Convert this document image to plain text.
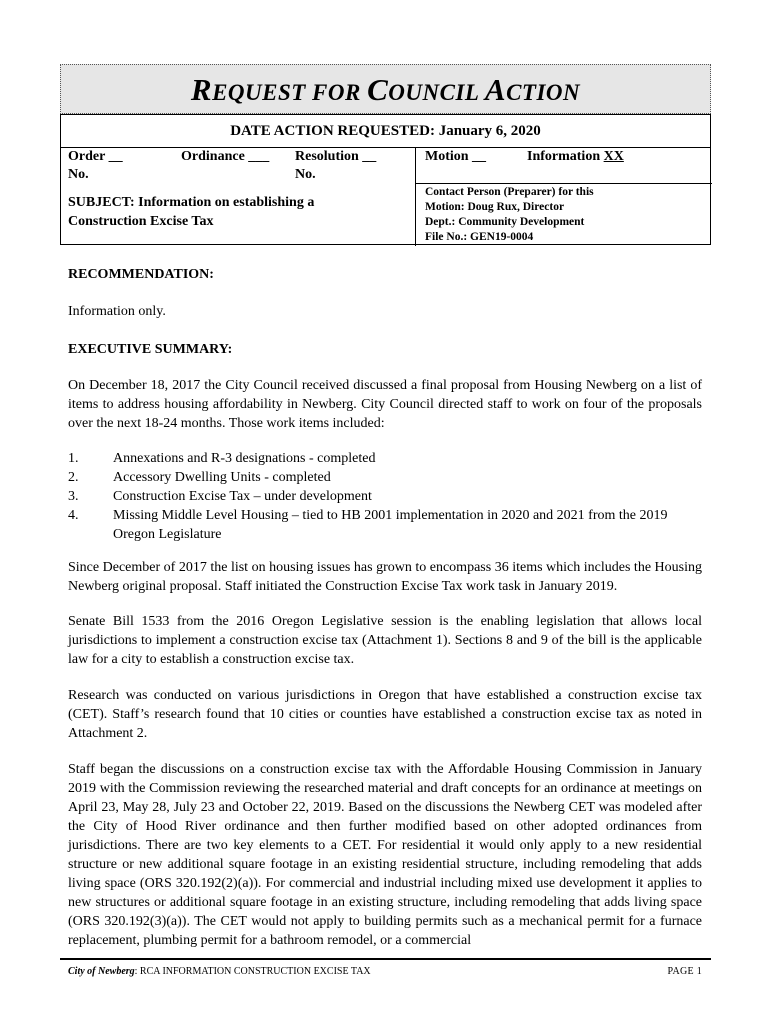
REQUEST FOR COUNCIL ACTION
DATE ACTION REQUESTED: January 6, 2020
Order __ No.
Ordinance ___ Resolution __ No.
Motion __	Information XX
SUBJECT: Information on establishing a Construction Excise Tax
Contact Person (Preparer) for this
Motion: Doug Rux, Director
Dept.: Community Development
File No.: GEN19-0004
RECOMMENDATION:
Information only.
EXECUTIVE SUMMARY:
On December 18, 2017 the City Council received discussed a final proposal from Housing Newberg on a list of items to address housing affordability in Newberg. City Council directed staff to work on four of the proposals over the next 18-24 months. Those work items included:
1. Annexations and R-3 designations - completed
2. Accessory Dwelling Units - completed
3. Construction Excise Tax – under development
4. Missing Middle Level Housing – tied to HB 2001 implementation in 2020 and 2021 from the 2019 Oregon Legislature
Since December of 2017 the list on housing issues has grown to encompass 36 items which includes the Housing Newberg original proposal. Staff initiated the Construction Excise Tax work task in January 2019.
Senate Bill 1533 from the 2016 Oregon Legislative session is the enabling legislation that allows local jurisdictions to implement a construction excise tax (Attachment 1). Sections 8 and 9 of the bill is the applicable law for a city to establish a construction excise tax.
Research was conducted on various jurisdictions in Oregon that have established a construction excise tax (CET). Staff’s research found that 10 cities or counties have established a construction excise tax as noted in Attachment 2.
Staff began the discussions on a construction excise tax with the Affordable Housing Commission in January 2019 with the Commission reviewing the researched material and draft concepts for an ordinance at meetings on April 23, May 28, July 23 and October 22, 2019. Based on the discussions the Newberg CET was modeled after the City of Hood River ordinance and then further modified based on other adopted ordinances from jurisdictions. There are two key elements to a CET. For residential it would only apply to a new residential structure or new additional square footage in an existing residential structure, including remodeling that adds living space (ORS 320.192(2)(a)). For commercial and industrial including mixed use development it applies to new structures or additional square footage in an existing structure, including remodeling that adds living space (ORS 320.192(3)(a)). The CET would not apply to building permits such as a mechanical permit for a furnace replacement, plumbing permit for a bathroom remodel, or a commercial
City of Newberg: RCA INFORMATION CONSTRUCTION EXCISE TAX	PAGE 1
